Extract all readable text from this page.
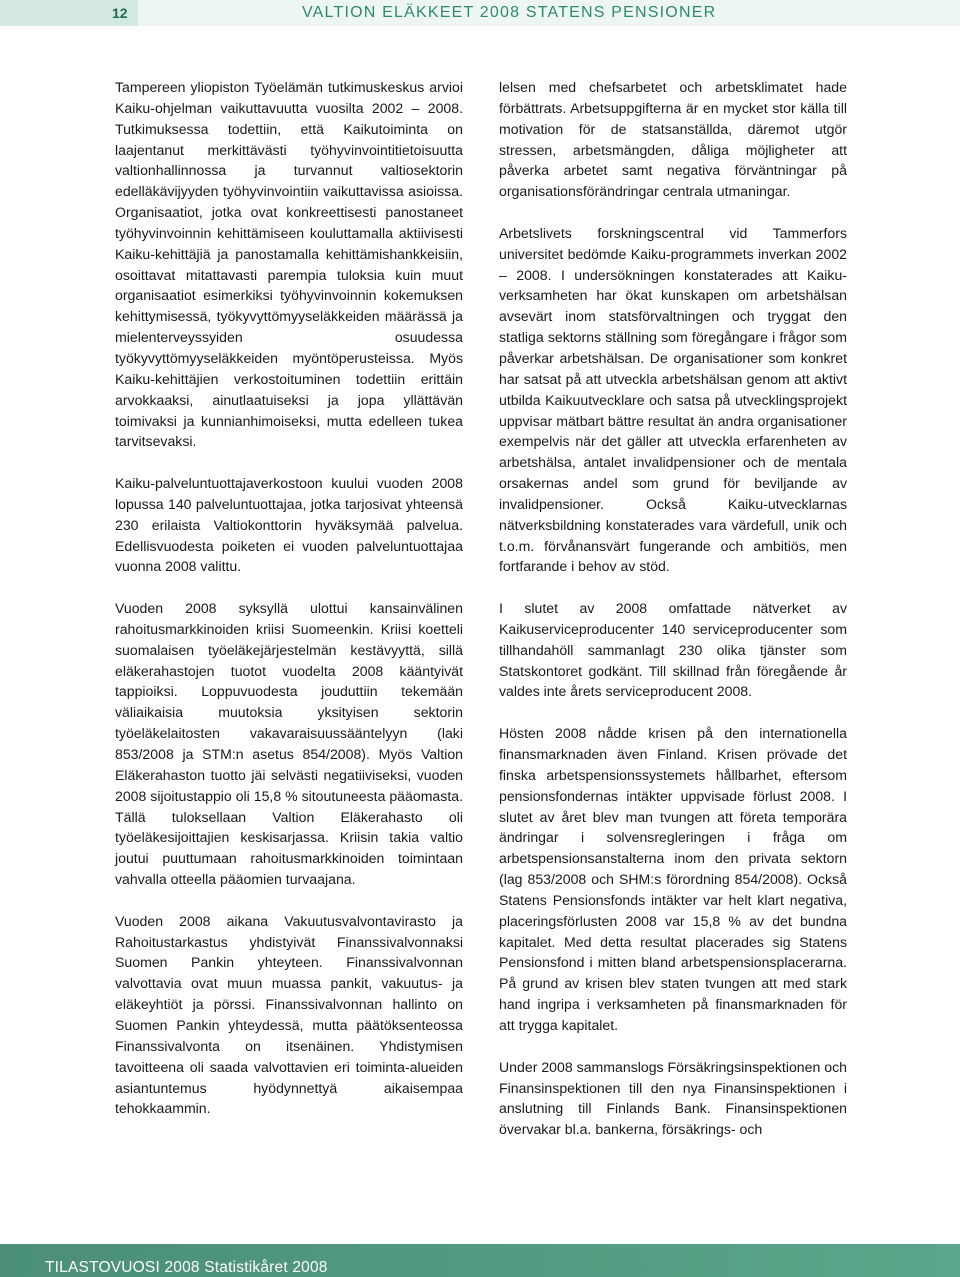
12	VALTION ELÄKKEET 2008 STATENS PENSIONER

Tampereen yliopiston Työelämän tutkimuskeskus arvioi Kaiku-ohjelman vaikuttavuutta vuosilta 2002 – 2008. Tutkimuksessa todettiin, että Kaikutoiminta on laajentanut merkittävästi työhyvinvointitietoisuutta valtionhallinnossa ja turvannut valtiosektorin edelläkävijyyden työhyvinvointiin vaikuttavissa asioissa. Organisaatiot, jotka ovat konkreettisesti panostaneet työhyvinvoinnin kehittämiseen kouluttamalla aktiivisesti Kaiku-kehittäjiä ja panostamalla kehittämishankkeisiin, osoittavat mitattavasti parempia tuloksia kuin muut organisaatiot esimerkiksi työhyvinvoinnin kokemuksen kehittymisessä, työkyvyttömyyseläkkeiden määrässä ja mielenterveyssyiden osuudessa työkyvyttömyyseläkkeiden myöntöperusteissa. Myös Kaiku-kehittäjien verkostoituminen todettiin erittäin arvokkaaksi, ainutlaatuiseksi ja jopa yllättävän toimivaksi ja kunnianhimoiseksi, mutta edelleen tukea tarvitsevaksi.

Kaiku-palveluntuottajaverkostoon kuului vuoden 2008 lopussa 140 palveluntuottajaa, jotka tarjosivat yhteensä 230 erilaista Valtiokonttorin hyväksymää palvelua. Edellisvuodesta poiketen ei vuoden palveluntuottajaa vuonna 2008 valittu.

Vuoden 2008 syksyllä ulottui kansainvälinen rahoitusmarkkinoiden kriisi Suomeenkin. Kriisi koetteli suomalaisen työeläkejärjestelmän kestävyyttä, sillä eläkerahastojen tuotot vuodelta 2008 kääntyivät tappioiksi. Loppuvuodesta jouduttiin tekemään väliaikaisia muutoksia yksityisen sektorin työeläkelaitosten vakavaraisuussääntelyyn (laki 853/2008 ja STM:n asetus 854/2008). Myös Valtion Eläkerahaston tuotto jäi selvästi negatiiviseksi, vuoden 2008 sijoitustappio oli 15,8 % sitoutuneesta pääomasta. Tällä tuloksellaan Valtion Eläkerahasto oli työeläkesijoittajien keskisarjassa. Kriisin takia valtio joutui puuttumaan rahoitusmarkkinoiden toimintaan vahvalla otteella pääomien turvaajana.

Vuoden 2008 aikana Vakuutusvalvontavirasto ja Rahoitustarkastus yhdistyivät Finanssivalvonnaksi Suomen Pankin yhteyteen. Finanssivalvonnan valvottavia ovat muun muassa pankit, vakuutus- ja eläkeyhtiöt ja pörssi. Finanssivalvonnan hallinto on Suomen Pankin yhteydessä, mutta päätöksenteossa Finanssivalvonta on itsenäinen. Yhdistymisen tavoitteena oli saada valvottavien eri toiminta-alueiden asiantuntemus hyödynnettyä aikaisempaa tehokkaammin.

lelsen med chefsarbetet och arbetsklimatet hade förbättrats. Arbetsuppgifterna är en mycket stor källa till motivation för de statsanställda, däremot utgör stressen, arbetsmängden, dåliga möjligheter att påverka arbetet samt negativa förväntningar på organisationsförändringar centrala utmaningar.

Arbetslivets forskningscentral vid Tammerfors universitet bedömde Kaiku-programmets inverkan 2002 – 2008. I undersökningen konstaterades att Kaiku-verksamheten har ökat kunskapen om arbetshälsan avsevärt inom statsförvaltningen och tryggat den statliga sektorns ställning som föregångare i frågor som påverkar arbetshälsan. De organisationer som konkret har satsat på att utveckla arbetshälsan genom att aktivt utbilda Kaikuutvecklare och satsa på utvecklingsprojekt uppvisar mätbart bättre resultat än andra organisationer exempelvis när det gäller att utveckla erfarenheten av arbetshälsa, antalet invalidpensioner och de mentala orsakernas andel som grund för beviljande av invalidpensioner. Också Kaiku-utvecklarnas nätverksbildning konstaterades vara värdefull, unik och t.o.m. förvånansvärt fungerande och ambitiös, men fortfarande i behov av stöd.

I slutet av 2008 omfattade nätverket av Kaikuserviceproducenter 140 serviceproducenter som tillhandahöll sammanlagt 230 olika tjänster som Statskontoret godkänt. Till skillnad från föregående år valdes inte årets serviceproducent 2008.

Hösten 2008 nådde krisen på den internationella finansmarknaden även Finland. Krisen prövade det finska arbetspensionssystemets hållbarhet, eftersom pensionsfondernas intäkter uppvisade förlust 2008. I slutet av året blev man tvungen att företa temporära ändringar i solvensregleringen i fråga om arbetspensionsanstalterna inom den privata sektorn (lag 853/2008 och SHM:s förordning 854/2008). Också Statens Pensionsfonds intäkter var helt klart negativa, placeringsförlusten 2008 var 15,8 % av det bundna kapitalet. Med detta resultat placerades sig Statens Pensionsfond i mitten bland arbetspensionsplacerarna. På grund av krisen blev staten tvungen att med stark hand ingripa i verksamheten på finansmarknaden för att trygga kapitalet.

Under 2008 sammanslogs Försäkringsinspektionen och Finansinspektionen till den nya Finansinspektionen i anslutning till Finlands Bank. Finansinspektionen övervakar bl.a. bankerna, försäkrings- och

TILASTOVUOSI 2008 Statistikåret 2008
